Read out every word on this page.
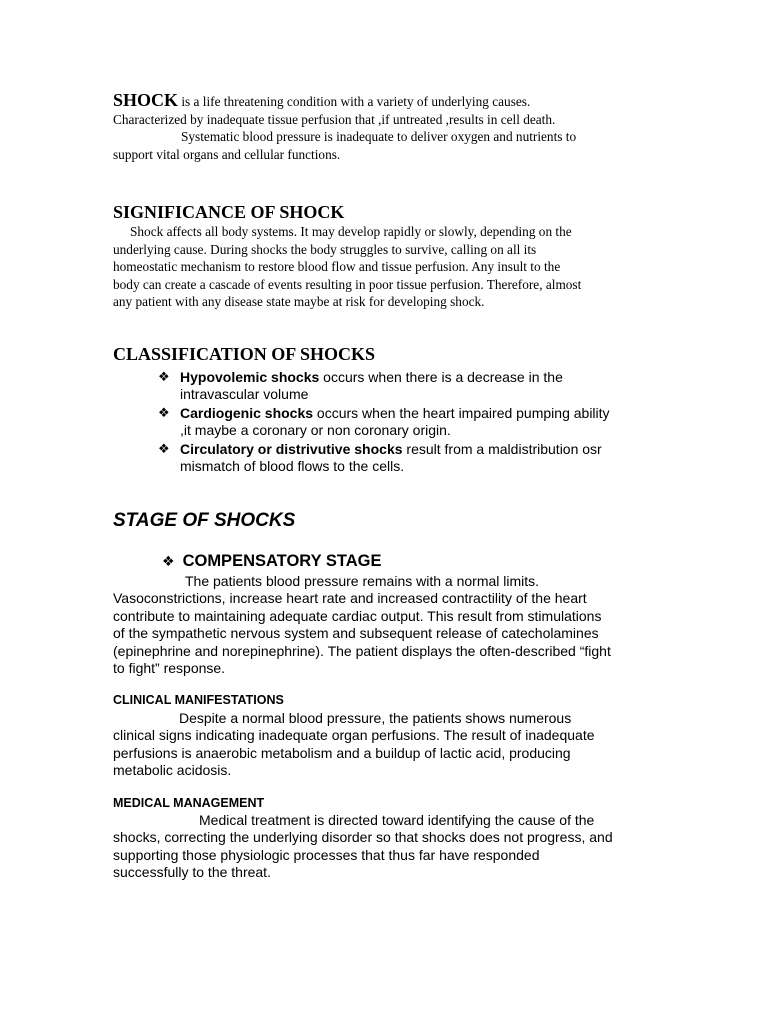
SHOCK is a life threatening condition with a variety of underlying causes.

Characterized by inadequate tissue perfusion that ,if untreated ,results in cell death.

Systematic blood pressure is inadequate to deliver oxygen and nutrients to

support vital organs and cellular functions.

SIGNIFICANCE OF SHOCK

Shock affects all body systems. It may develop rapidly or slowly, depending on the

underlying cause. During shocks the body struggles to survive, calling on all its

homeostatic mechanism to restore blood flow and tissue perfusion. Any insult to the

body can create a cascade of events resulting in poor tissue perfusion. Therefore, almost

any patient with any disease state maybe at risk for developing shock.

CLASSIFICATION OF SHOCKS
❖ Hypovolemic shocks occurs when there is a decrease in the
intravascular volume
❖ Cardiogenic shocks occurs when the heart impaired pumping ability
,it maybe a coronary or non coronary origin.
❖ Circulatory or distrivutive shocks result from a maldistribution osr
mismatch of blood flows to the cells.
STAGE OF SHOCKS
❖ COMPENSATORY STAGE

The patients blood pressure remains with a normal limits.

Vasoconstrictions, increase heart rate and increased contractility of the heart

contribute to maintaining adequate cardiac output. This result from stimulations

of the sympathetic nervous system and subsequent release of catecholamines

(epinephrine and norepinephrine). The patient displays the often-described “fight

to fight” response.

CLINICAL MANIFESTATIONS

Despite a normal blood pressure, the patients shows numerous

clinical signs indicating inadequate organ perfusions. The result of inadequate

perfusions is anaerobic metabolism and a buildup of lactic acid, producing

metabolic acidosis.

MEDICAL MANAGEMENT

Medical treatment is directed toward identifying the cause of the

shocks, correcting the underlying disorder so that shocks does not progress, and

supporting those physiologic processes that thus far have responded

successfully to the threat.
